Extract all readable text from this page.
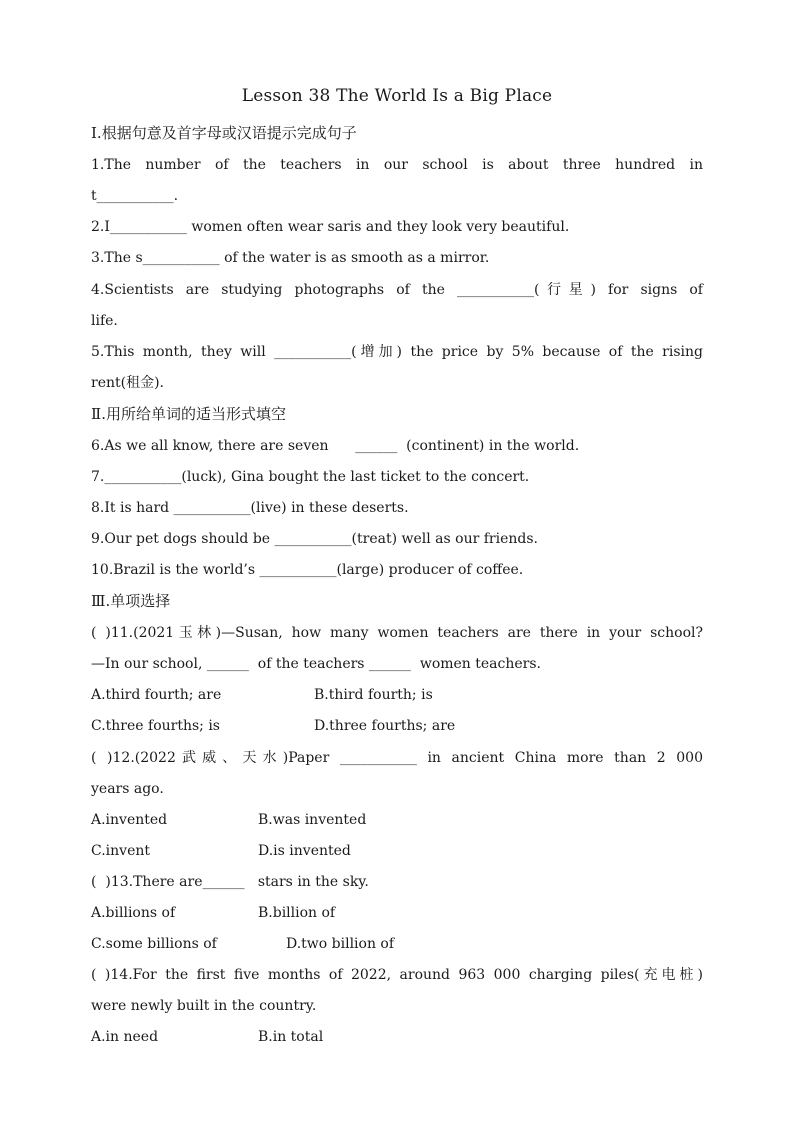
Lesson 38 The World Is a Big Place
Ⅰ.根据句意及首字母或汉语提示完成句子
1.The number of the teachers in our school is about three hundred in
t___________.
2.I___________ women often wear saris and they look very beautiful.
3.The s___________ of the water is as smooth as a mirror.
4.Scientists are studying photographs of the ___________(行星) for signs of
life.
5.This month, they will ___________(增加) the price by 5% because of the rising
rent(租金).
Ⅱ.用所给单词的适当形式填空
6.As we all know, there are seven      ______  (continent) in the world.
7.___________(luck), Gina bought the last ticket to the concert.
8.It is hard ___________(live) in these deserts.
9.Our pet dogs should be ___________(treat) well as our friends.
10.Brazil is the world’s ___________(large) producer of coffee.
Ⅲ.单项选择
( )11.(2021玉林)—Susan, how many women teachers are there in your school?
—In our school, ______  of the teachers ______  women teachers.
A.third fourth; are	B.third fourth; is
C.three fourths; is	D.three fourths; are
( )12.(2022武威、天水)Paper ___________ in ancient China more than 2 000
years ago.
A.invented	B.was invented
C.invent	D.is invented
(  )13.There are______   stars in the sky.
A.billions of	B.billion of
C.some billions of	D.two billion of
( )14.For the first five months of 2022, around 963 000 charging piles(充电桩)
were newly built in the country.
A.in need	B.in total
